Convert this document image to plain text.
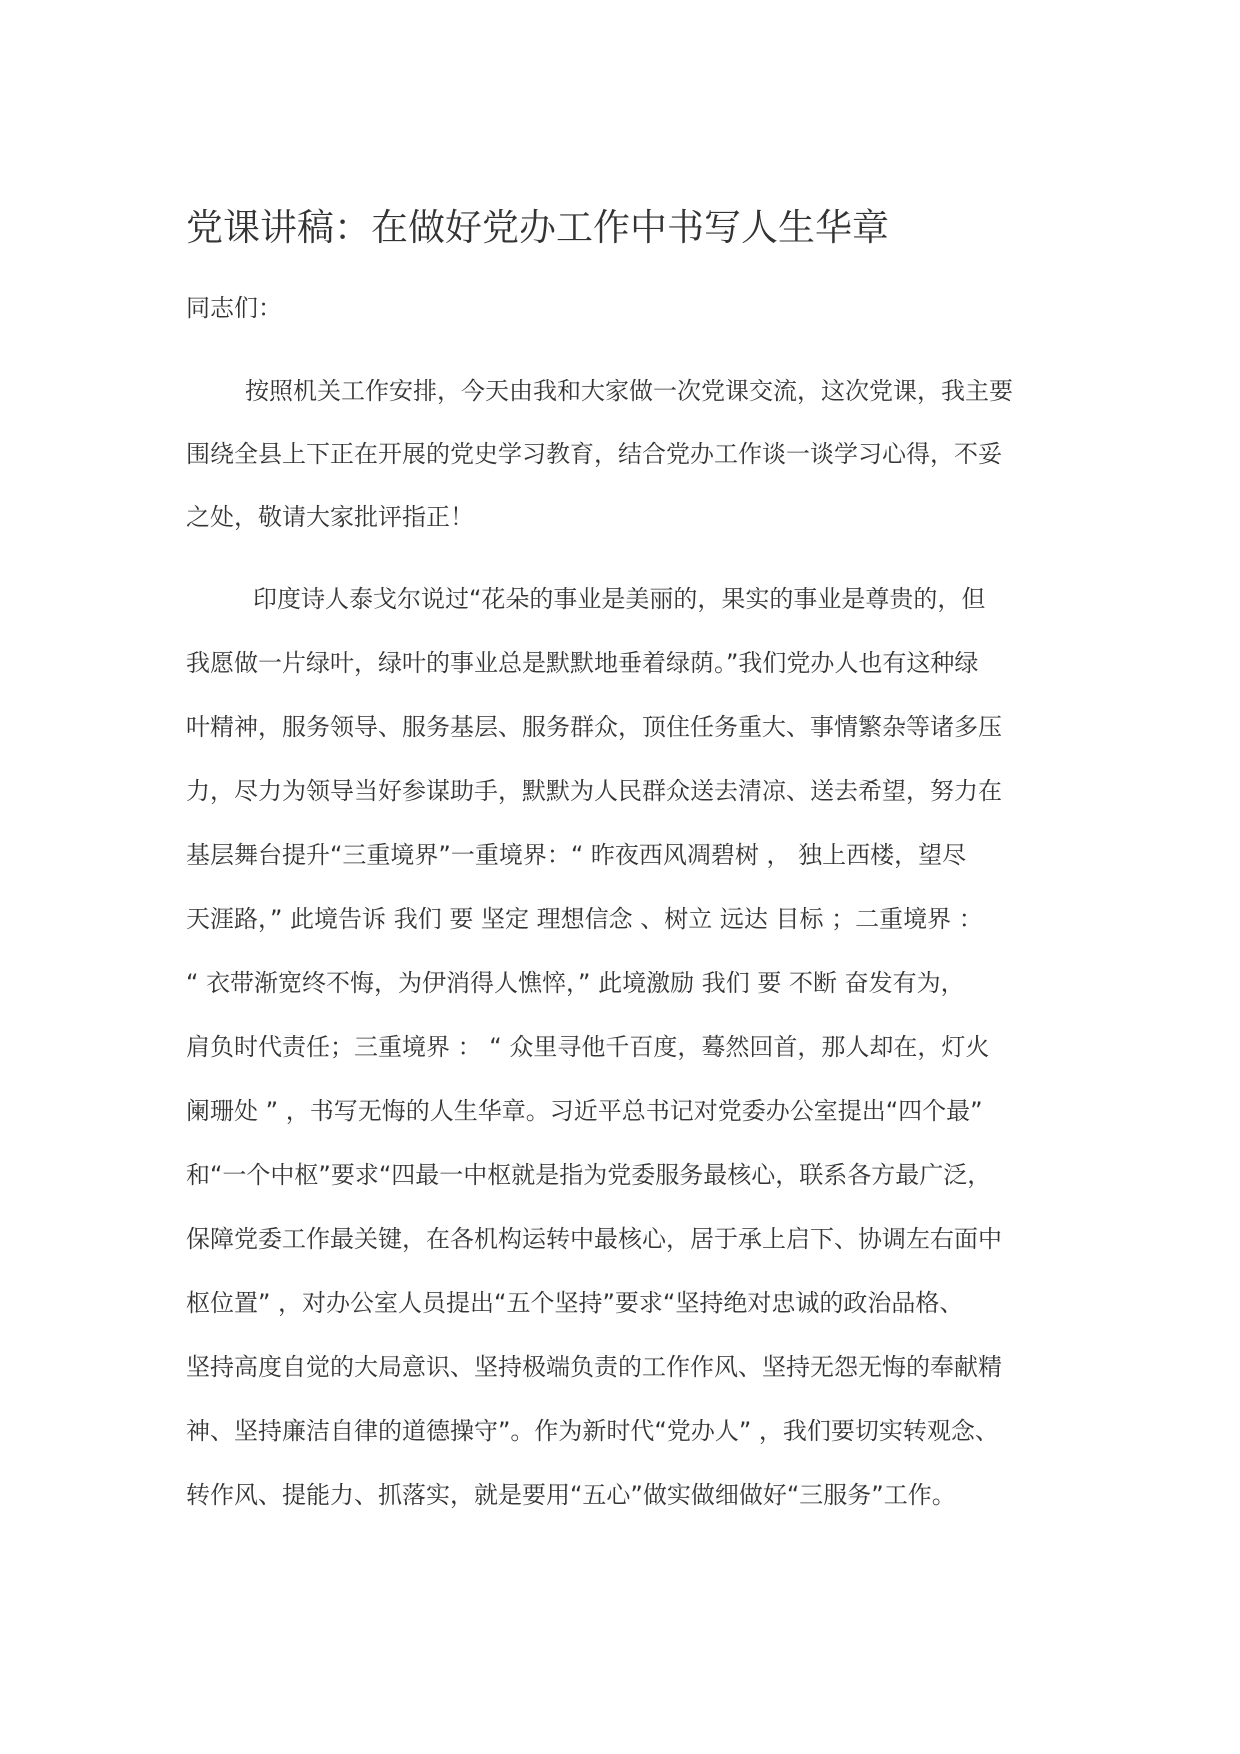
党课讲稿：在做好党办工作中书写人生华章
同志们：
按照机关工作安排，今天由我和大家做一次党课交流，这次党课，我主要
围绕全县上下正在开展的党史学习教育，结合党办工作谈一谈学习心得，不妥
之处，敬请大家批评指正！
印度诗人泰戈尔说过“花朵的事业是美丽的，果实的事业是尊贵的，但
我愿做一片绿叶，绿叶的事业总是默默地垂着绿荫。”我们党办人也有这种绿
叶精神，服务领导、服务基层、服务群众，顶住任务重大、事情繁杂等诸多压
力，尽力为领导当好参谋助手，默默为人民群众送去清凉、送去希望，努力在
基层舞台提升“三重境界”一重境界：“ 昨夜西风凋碧树 ， 独上西楼，望尽
天涯路，” 此境告诉 我们 要 坚定 理想信念 、树立 远达 目标 ；二重境界 ：
“ 衣带渐宽终不悔，为伊消得人憔悴，” 此境激励 我们 要 不断 奋发有为，
肩负时代责任；三重境界 ： “ 众里寻他千百度，蓦然回首，那人却在，灯火
阑珊处 ” ，书写无悔的人生华章。习近平总书记对党委办公室提出“四个最”
和“一个中枢”要求“四最一中枢就是指为党委服务最核心，联系各方最广泛，
保障党委工作最关键，在各机构运转中最核心，居于承上启下、协调左右面中
枢位置” ，对办公室人员提出“五个坚持”要求“坚持绝对忠诚的政治品格、
坚持高度自觉的大局意识、坚持极端负责的工作作风、坚持无怨无悔的奉献精
神、坚持廉洁自律的道德操守”。作为新时代“党办人” ，我们要切实转观念、
转作风、提能力、抓落实，就是要用“五心”做实做细做好“三服务”工作。
